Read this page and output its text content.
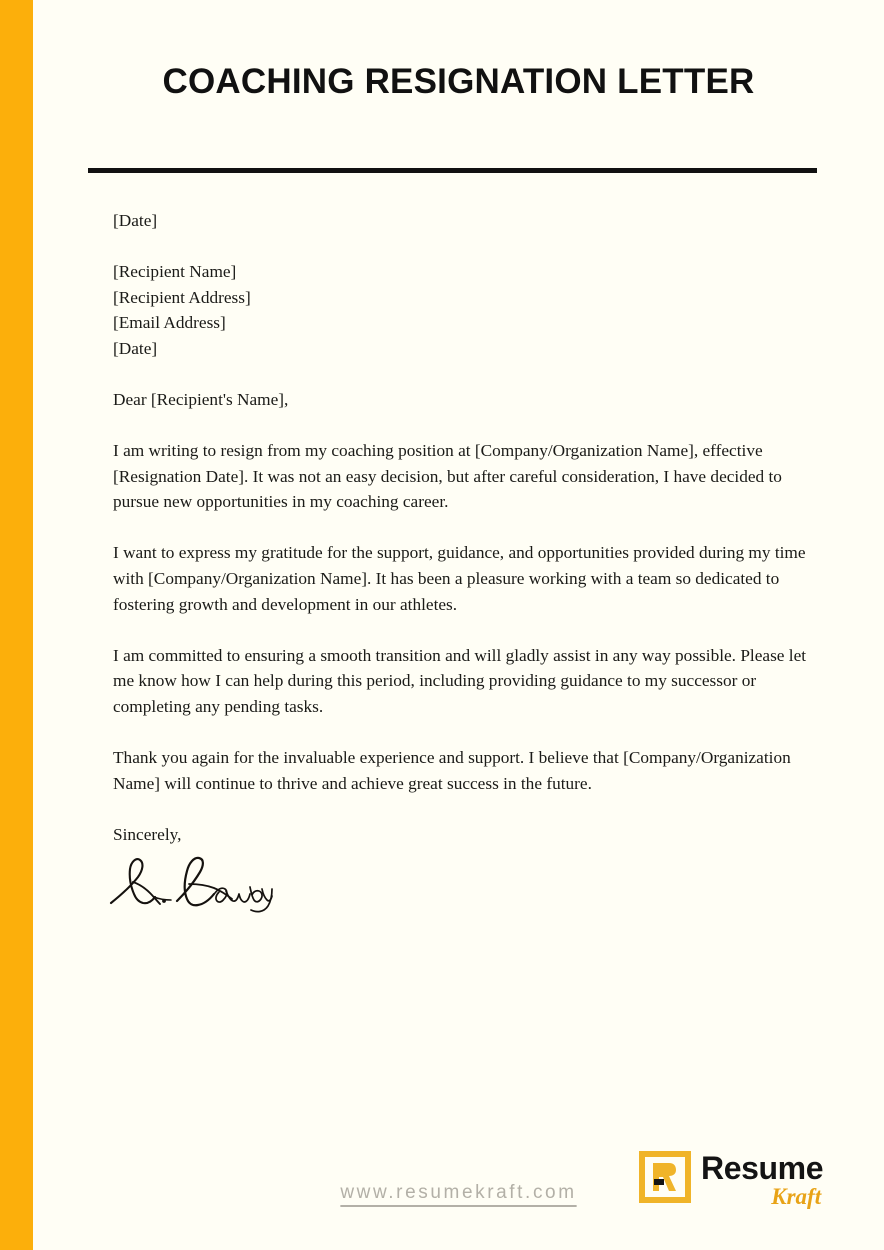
COACHING RESIGNATION LETTER

[Date]

[Recipient Name]

[Recipient Address]

[Email Address]

[Date]

Dear [Recipient's Name],

I am writing to resign from my coaching position at [Company/Organization Name], effective [Resignation Date]. It was not an easy decision, but after careful consideration, I have decided to pursue new opportunities in my coaching career.

I want to express my gratitude for the support, guidance, and opportunities provided during my time with [Company/Organization Name]. It has been a pleasure working with a team so dedicated to fostering growth and development in our athletes.

I am committed to ensuring a smooth transition and will gladly assist in any way possible. Please let me know how I can help during this period, including providing guidance to my successor or completing any pending tasks.

Thank you again for the invaluable experience and support. I believe that [Company/Organization Name] will continue to thrive and achieve great success in the future.

Sincerely,

www.resumekraft.com
Resume
Kraft
